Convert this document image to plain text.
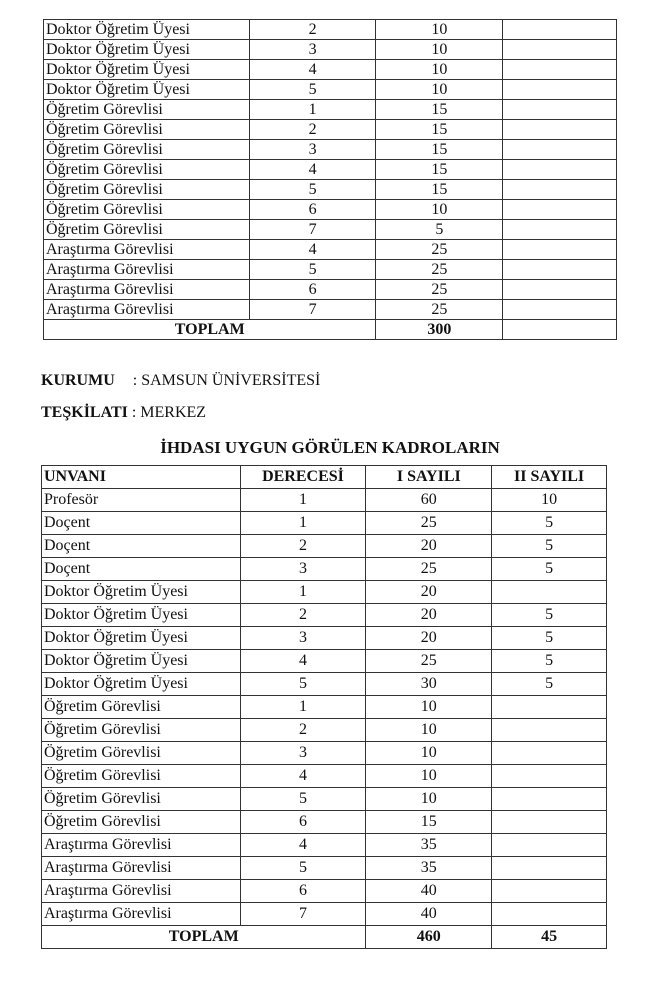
Doktor Öğretim Üyesi	2	10	
Doktor Öğretim Üyesi	3	10	
Doktor Öğretim Üyesi	4	10	
Doktor Öğretim Üyesi	5	10	
Öğretim Görevlisi	1	15	
Öğretim Görevlisi	2	15	
Öğretim Görevlisi	3	15	
Öğretim Görevlisi	4	15	
Öğretim Görevlisi	5	15	
Öğretim Görevlisi	6	10	
Öğretim Görevlisi	7	5	
Araştırma Görevlisi	4	25	
Araştırma Görevlisi	5	25	
Araştırma Görevlisi	6	25	
Araştırma Görevlisi	7	25	
TOPLAM		300	
KURUMU : SAMSUN ÜNİVERSİTESİ
TEŞKİLATI : MERKEZ
İHDASI UYGUN GÖRÜLEN KADROLARIN
UNVANI	DERECESİ	I SAYILI	II SAYILI
Profesör	1	60	10
Doçent	1	25	5
Doçent	2	20	5
Doçent	3	25	5
Doktor Öğretim Üyesi	1	20	
Doktor Öğretim Üyesi	2	20	5
Doktor Öğretim Üyesi	3	20	5
Doktor Öğretim Üyesi	4	25	5
Doktor Öğretim Üyesi	5	30	5
Öğretim Görevlisi	1	10	
Öğretim Görevlisi	2	10	
Öğretim Görevlisi	3	10	
Öğretim Görevlisi	4	10	
Öğretim Görevlisi	5	10	
Öğretim Görevlisi	6	15	
Araştırma Görevlisi	4	35	
Araştırma Görevlisi	5	35	
Araştırma Görevlisi	6	40	
Araştırma Görevlisi	7	40	
TOPLAM		460	45
